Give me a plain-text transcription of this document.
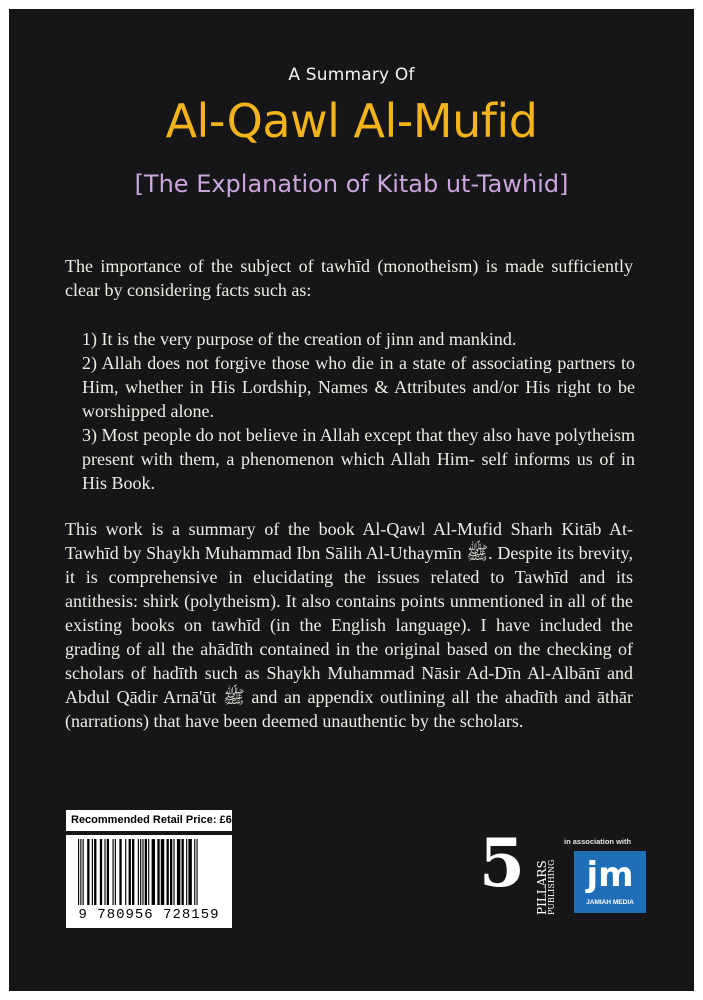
A Summary Of
Al-Qawl Al-Mufid
[The Explanation of Kitab ut-Tawhid]
The importance of the subject of tawhīd (monotheism) is made sufficiently clear by considering facts such as:
1) It is the very purpose of the creation of jinn and mankind.
2) Allah does not forgive those who die in a state of associating partners to Him, whether in His Lordship, Names & Attributes and/or His right to be worshipped alone.
3) Most people do not believe in Allah except that they also have polytheism present with them, a phenomenon which Allah Him- self informs us of in His Book.
This work is a summary of the book Al-Qawl Al-Mufid Sharh Kitāb At-Tawhīd by Shaykh Muhammad Ibn Sālih Al-Uthaymīn ﷺ. Despite its brevity, it is comprehensive in elucidating the issues related to Tawhīd and its antithesis: shirk (polytheism). It also contains points unmentioned in all of the existing books on tawhīd (in the English language). I have included the grading of all the ahādīth contained in the original based on the checking of scholars of hadīth such as Shaykh Muhammad Nāsir Ad-Dīn Al-Albānī and Abdul Qādir Arnā'ūt ﷺ and an appendix outlining all the ahadīth and āthār (narrations) that have been deemed unauthentic by the scholars.
Recommended Retail Price: £6
9 780956 728159
5 PILLARS
PUBLISHING
in association with
jm
JAMIAH MEDIA
